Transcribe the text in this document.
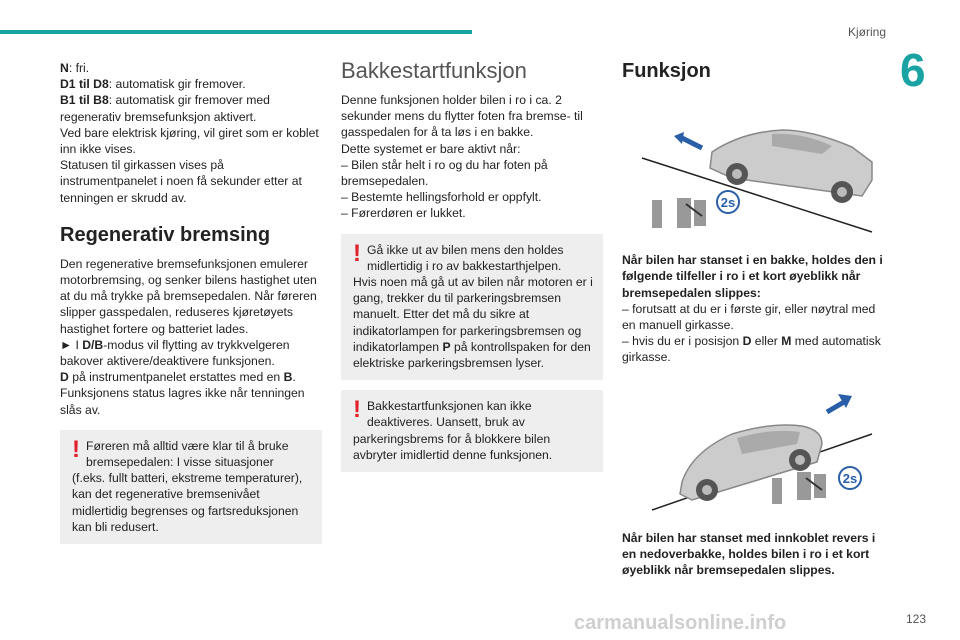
Kjøring
6

N: fri.
D1 til D8: automatisk gir fremover.
B1 til B8: automatisk gir fremover med regenerativ bremsefunksjon aktivert.
Ved bare elektrisk kjøring, vil giret som er koblet inn ikke vises.
Statusen til girkassen vises på instrumentpanelet i noen få sekunder etter at tenningen er skrudd av.

Regenerativ bremsing

Den regenerative bremsefunksjonen emulerer motorbremsing, og senker bilens hastighet uten at du må trykke på bremsepedalen. Når føreren slipper gasspedalen, reduseres kjøretøyets hastighet fortere og batteriet lades.
► I D/B-modus vil flytting av trykkvelgeren bakover aktivere/deaktivere funksjonen.
D på instrumentpanelet erstattes med en B.
Funksjonens status lagres ikke når tenningen slås av.

! Føreren må alltid være klar til å bruke bremsepedalen: I visse situasjoner
(f.eks. fullt batteri, ekstreme temperaturer), kan det regenerative bremsenivået midlertidig begrenses og fartsreduksjonen kan bli redusert.
Bakkestartfunksjon

Denne funksjonen holder bilen i ro i ca. 2 sekunder mens du flytter foten fra bremse- til gasspedalen for å ta løs i en bakke.
Dette systemet er bare aktivt når:
– Bilen står helt i ro og du har foten på bremsepedalen.
– Bestemte hellingsforhold er oppfylt.
– Førerdøren er lukket.

! Gå ikke ut av bilen mens den holdes midlertidig i ro av bakkestarthjelpen.
Hvis noen må gå ut av bilen når motoren er i gang, trekker du til parkeringsbremsen manuelt. Etter det må du sikre at indikatorlampen for parkeringsbremsen og indikatorlampen P på kontrollspaken for den elektriske parkeringsbremsen lyser.
! Bakkestartfunksjonen kan ikke deaktiveres. Uansett, bruk av
parkeringsbrems for å blokkere bilen avbryter imidlertid denne funksjonen.
Funksjon
2s

Når bilen har stanset i en bakke, holdes den i følgende tilfeller i ro i et kort øyeblikk når bremsepedalen slippes:
– forutsatt at du er i første gir, eller nøytral med en manuell girkasse.
– hvis du er i posisjon D eller M med automatisk girkasse.

2s

Når bilen har stanset med innkoblet revers i en nedoverbakke, holdes bilen i ro i et kort øyeblikk når bremsepedalen slippes.

carmanualsonline.info	123
